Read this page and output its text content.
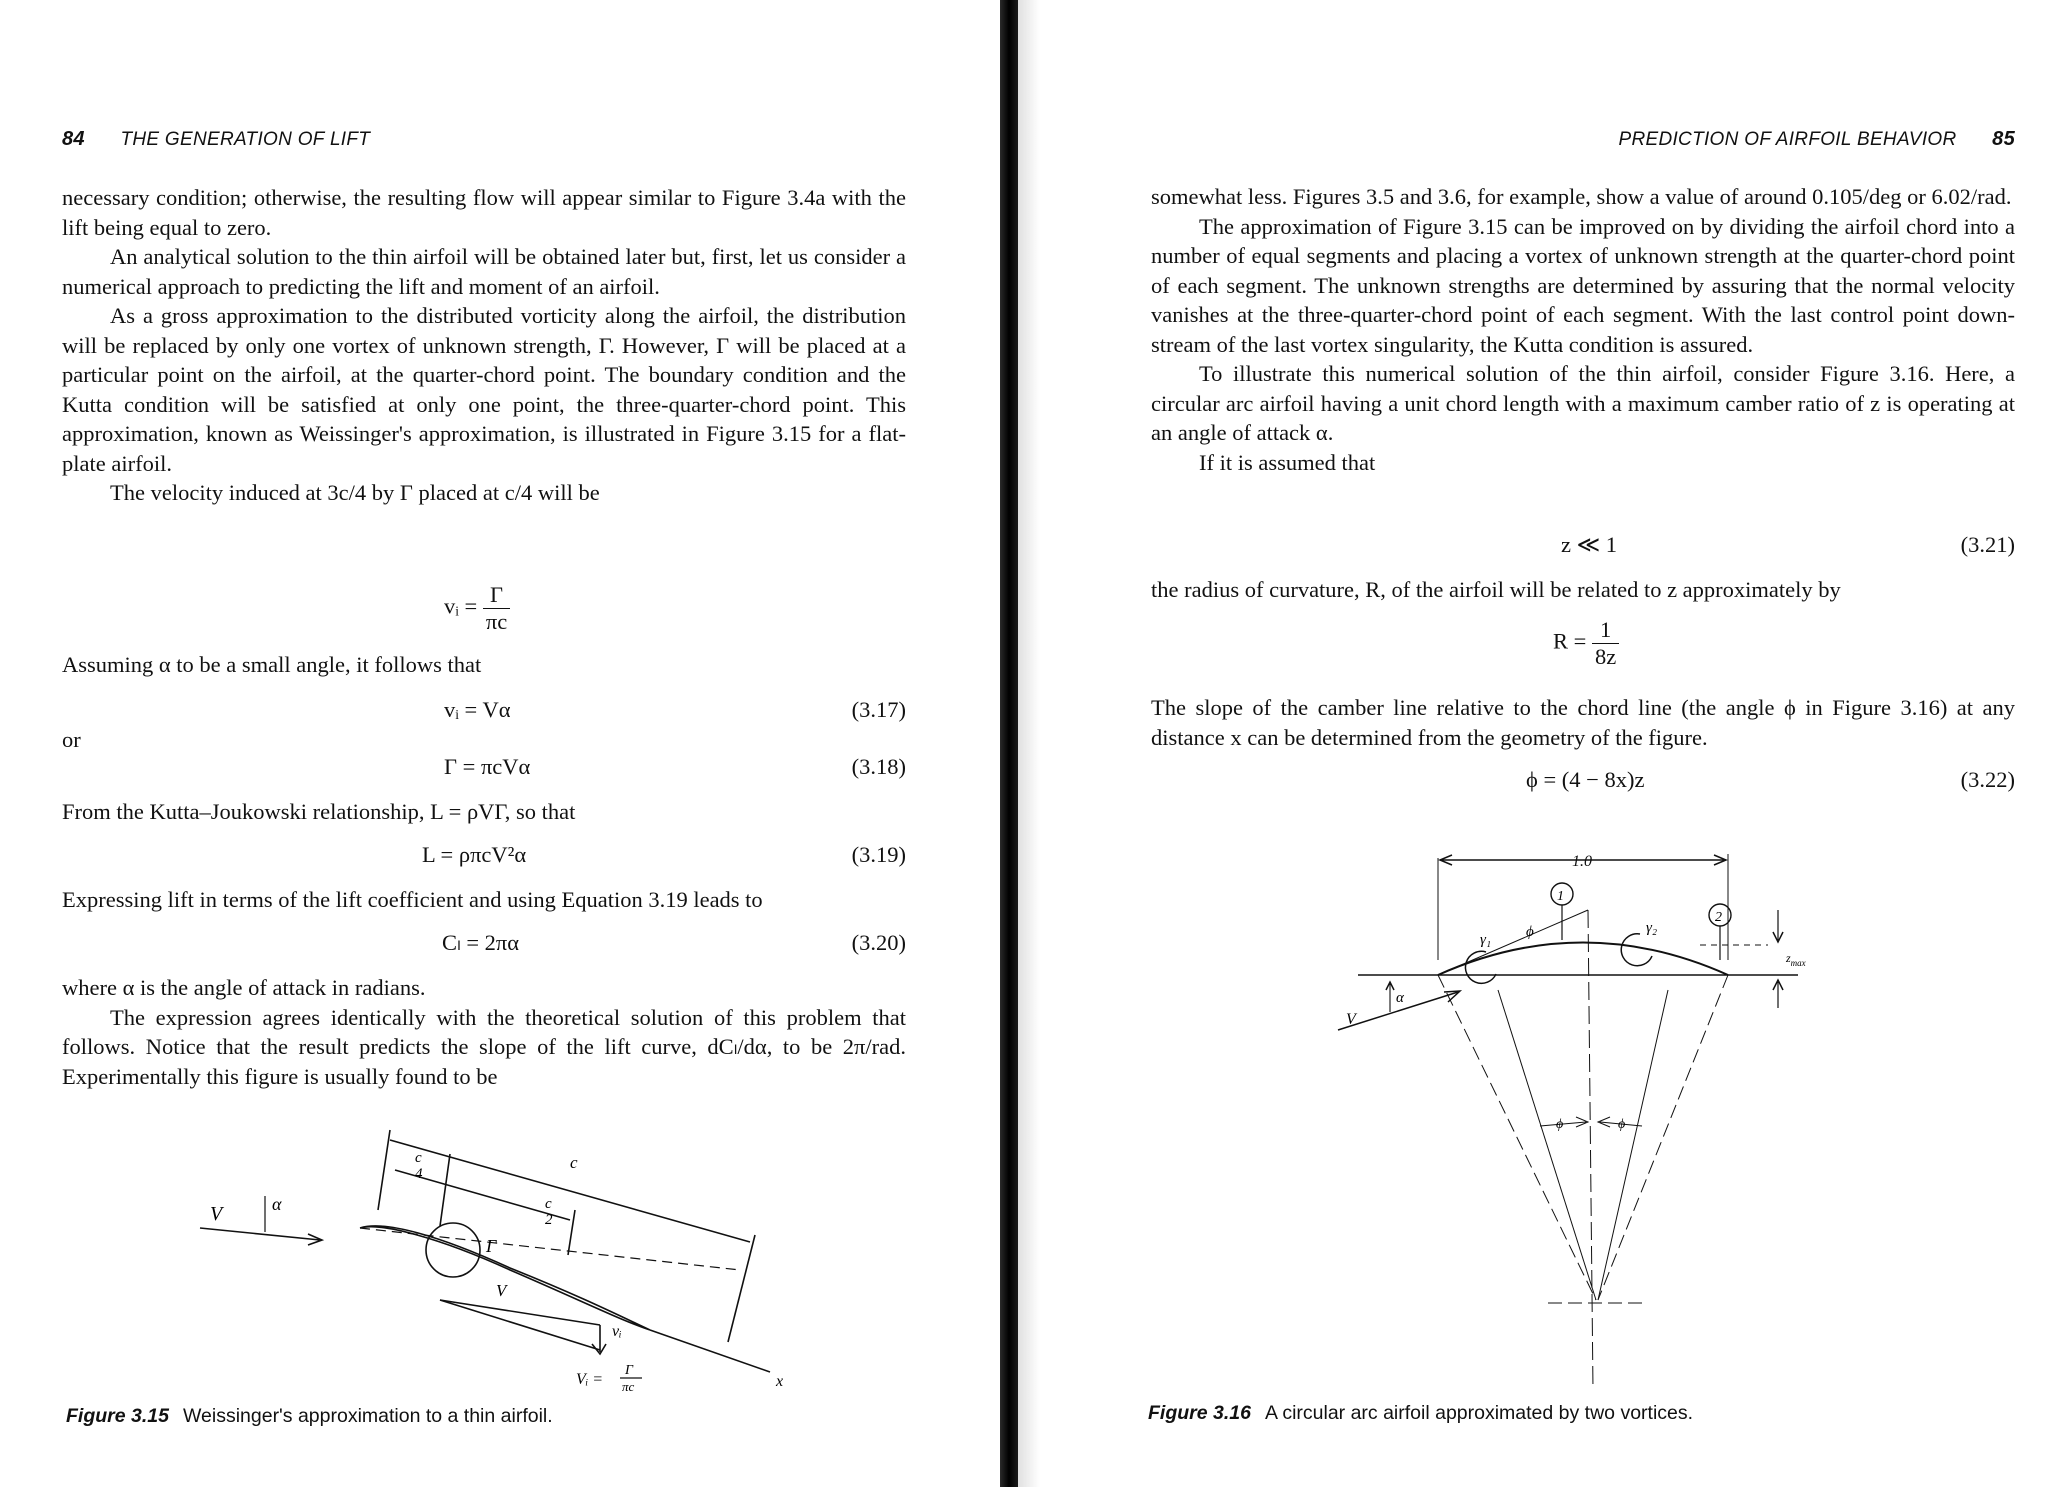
84 THE GENERATION OF LIFT

necessary condition; otherwise, the resulting flow will appear similar to Figure 3.4a with the lift being equal to zero.

An analytical solution to the thin airfoil will be obtained later but, first, let us consider a numerical approach to predicting the lift and moment of an airfoil.

As a gross approximation to the distributed vorticity along the airfoil, the distribution will be replaced by only one vortex of unknown strength, Γ. However, Γ will be placed at a particular point on the airfoil, at the quarter-chord point. The boundary condition and the Kutta condition will be satisfied at only one point, the three-quarter-chord point. This approximation, known as Weissinger's approximation, is illustrated in Figure 3.15 for a flat-plate airfoil.

The velocity induced at 3c/4 by Γ placed at c/4 will be

vᵢ = $\frac{\Gamma}{\pi c}$
Assuming α to be a small angle, it follows that
vᵢ = Vα	(3.17)
or
Γ = πcVα	(3.18)
From the Kutta–Joukowski relationship, L = ρVΓ, so that
L = ρπcV²α	(3.19)
Expressing lift in terms of the lift coefficient and using Equation 3.19 leads to
Cₗ = 2πα	(3.20)

where α is the angle of attack in radians.

The expression agrees identically with the theoretical solution of this problem that follows. Notice that the result predicts the slope of the lift curve, dCₗ/dα, to be 2π/rad. Experimentally this figure is usually found to be

V	α
c
4
c
2
c
Γ
V
vᵢ
x
Vᵢ =
Γ
πc
Figure 3.15 Weissinger's approximation to a thin airfoil.
PREDICTION OF AIRFOIL BEHAVIOR 85

somewhat less. Figures 3.5 and 3.6, for example, show a value of around 0.105/deg or 6.02/rad.

The approximation of Figure 3.15 can be improved on by dividing the airfoil chord into a number of equal segments and placing a vortex of unknown strength at the quarter-chord point of each segment. The unknown strengths are determined by assuring that the normal velocity vanishes at the three-quarter-chord point of each segment. With the last control point down-stream of the last vortex singularity, the Kutta condition is assured.

To illustrate this numerical solution of the thin airfoil, consider Figure 3.16. Here, a circular arc airfoil having a unit chord length with a maximum camber ratio of z is operating at an angle of attack α.

If it is assumed that

z ≪ 1	(3.21)
the radius of curvature, R, of the airfoil will be related to z approximately by
$R = \frac{1}{8z}$
The slope of the camber line relative to the chord line (the angle ϕ in Figure 3.16) at any distance x can be determined from the geometry of the figure.
ϕ = (4 − 8x)z	(3.22)
1.0
1
2
γ₁
γ₂
ϕ
$z_{max}$
V
α
ϕ	ϕ
Figure 3.16 A circular arc airfoil approximated by two vortices.
